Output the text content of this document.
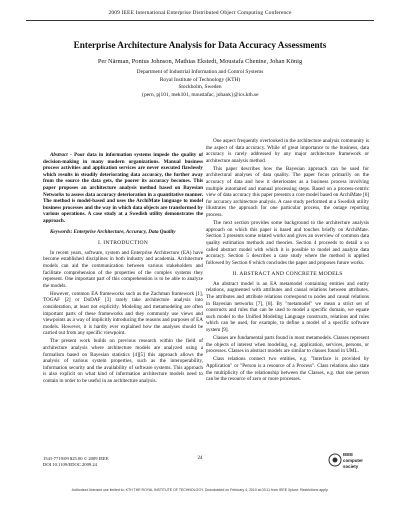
2009 IEEE International Enterprise Distributed Object Computing Conference
Enterprise Architecture Analysis for Data Accuracy Assessments
Per Närman, Pontus Johnson, Mathias Ekstedt, Moustafa Chenine, Johan König
Department of Industrial Information and Control Systems
Royal Institute of Technology (KTH)
Stockholm, Sweden
{pern, pj101, mek101, moustafac, johank}@ics.kth.se

Abstract - Poor data in information systems impede the quality of decision-making in many modern organizations. Manual business process activities and application services are never executed flawlessly which results in steadily deteriorating data accuracy, the further away from the source the data gets, the poorer its accuracy becomes. This paper proposes an architecture analysis method based on Bayesian Networks to assess data accuracy deterioration in a quantitative manner. The method is model-based and uses the ArchiMate language to model business processes and the way in which data objects are transformed by various operations. A case study at a Swedish utility demonstrates the approach.

Keywords: Enterprise Architecture, Accuracy, Data Quality

I. INTRODUCTION

In recent years, software, system and Enterprise Architecture (EA) have become established disciplines in both industry and academia. Architecture models can aid the communication between various stakeholders and facilitate comprehension of the properties of the complex systems they represent. One important part of this comprehension is to be able to analyze the models.

However, common EA frameworks such as the Zachman framework [1], TOGAF [2] or DoDAF [3] rarely take architecture analysis into consideration, at least not explicitly. Modeling and metamodeling are often important parts of these frameworks and they commonly use views and viewpoints as a way of implicitly introducing the reasons and purposes of EA models. However, it is hardly ever explained how the analyses should be carried out from any specific viewpoint.

The present work builds on previous research within the field of architecture analysis where architecture models are analyzed using a formalism based on Bayesian statistics [4][5] this approach allows the analysis of various system properties, such as the interoperability, information security and the availability of software systems. This approach is also explicit on what kind of information architecture models need to contain in order to be useful in an architecture analysis.

One aspect frequently overlooked in the architecture analysis community is the aspect of data accuracy. While of great importance to the business, data accuracy is rarely addressed by any major architecture framework or architecture analysis method.

This paper describes how the Bayesian approach can be used for architectural analyses of data quality. The paper focus primarily on the accuracy of data and how it deteriorates as a business process involving multiple automated and manual processing steps. Based on a process-centric view of data accuracy this paper presents a core model based on ArchiMate [6] for accuracy architecture analysis. A case study performed at a Swedish utility illustrates the approach for one particular process, the outage reporting process.

The next section provides some background to the architecture analysis approach on which this paper is based and touches briefly on ArchiMate. Section 3 presents some related works and gives an overview of common data quality estimation methods and theories. Section 4 proceeds to detail a so called abstract model with which it is possible to model and analyze data accuracy. Section 5 describes a case study where the method is applied followed by Section 6 which concludes the paper and proposes future works.

II. ABSTRACT AND CONCRETE MODELS

An abstract model is an EA metamodel containing entities and entity relations, augmented with attributes and causal relations between attributes. The attributes and attribute relations correspond to nodes and causal relations in Bayesian networks [7], [8]. By "metamodel" we mean a strict set of constructs and rules that can be used to model a specific domain, we equate such model to the Unified Modeling Language constructs, relations and rules which can be used, for example, to define a model of a specific software system [9].

Classes are fundamental parts found in most metamodels. Classes represent the objects of interest when modeling, e.g. application, services, persons, or processes. Classes in abstract models are similar to classes found in UML.

Class relations connect two entities, e.g. "Interface is provided by Application" or "Person is a resource of a Process". Class relations also state the multiplicity of the relationship between the Classes, e.g. that one person can be the resource of zero or more processes.

1541-7719/09 $25.00 © 2009 IEEE
DOI 10.1109/EDOC.2009.24
24
IEEE
computer
society
Authorized licensed use limited to: KTH THE ROYAL INSTITUTE OF TECHNOLOGY. Downloaded on February 4, 2010 at 03:11 from IEEE Xplore. Restrictions apply.
